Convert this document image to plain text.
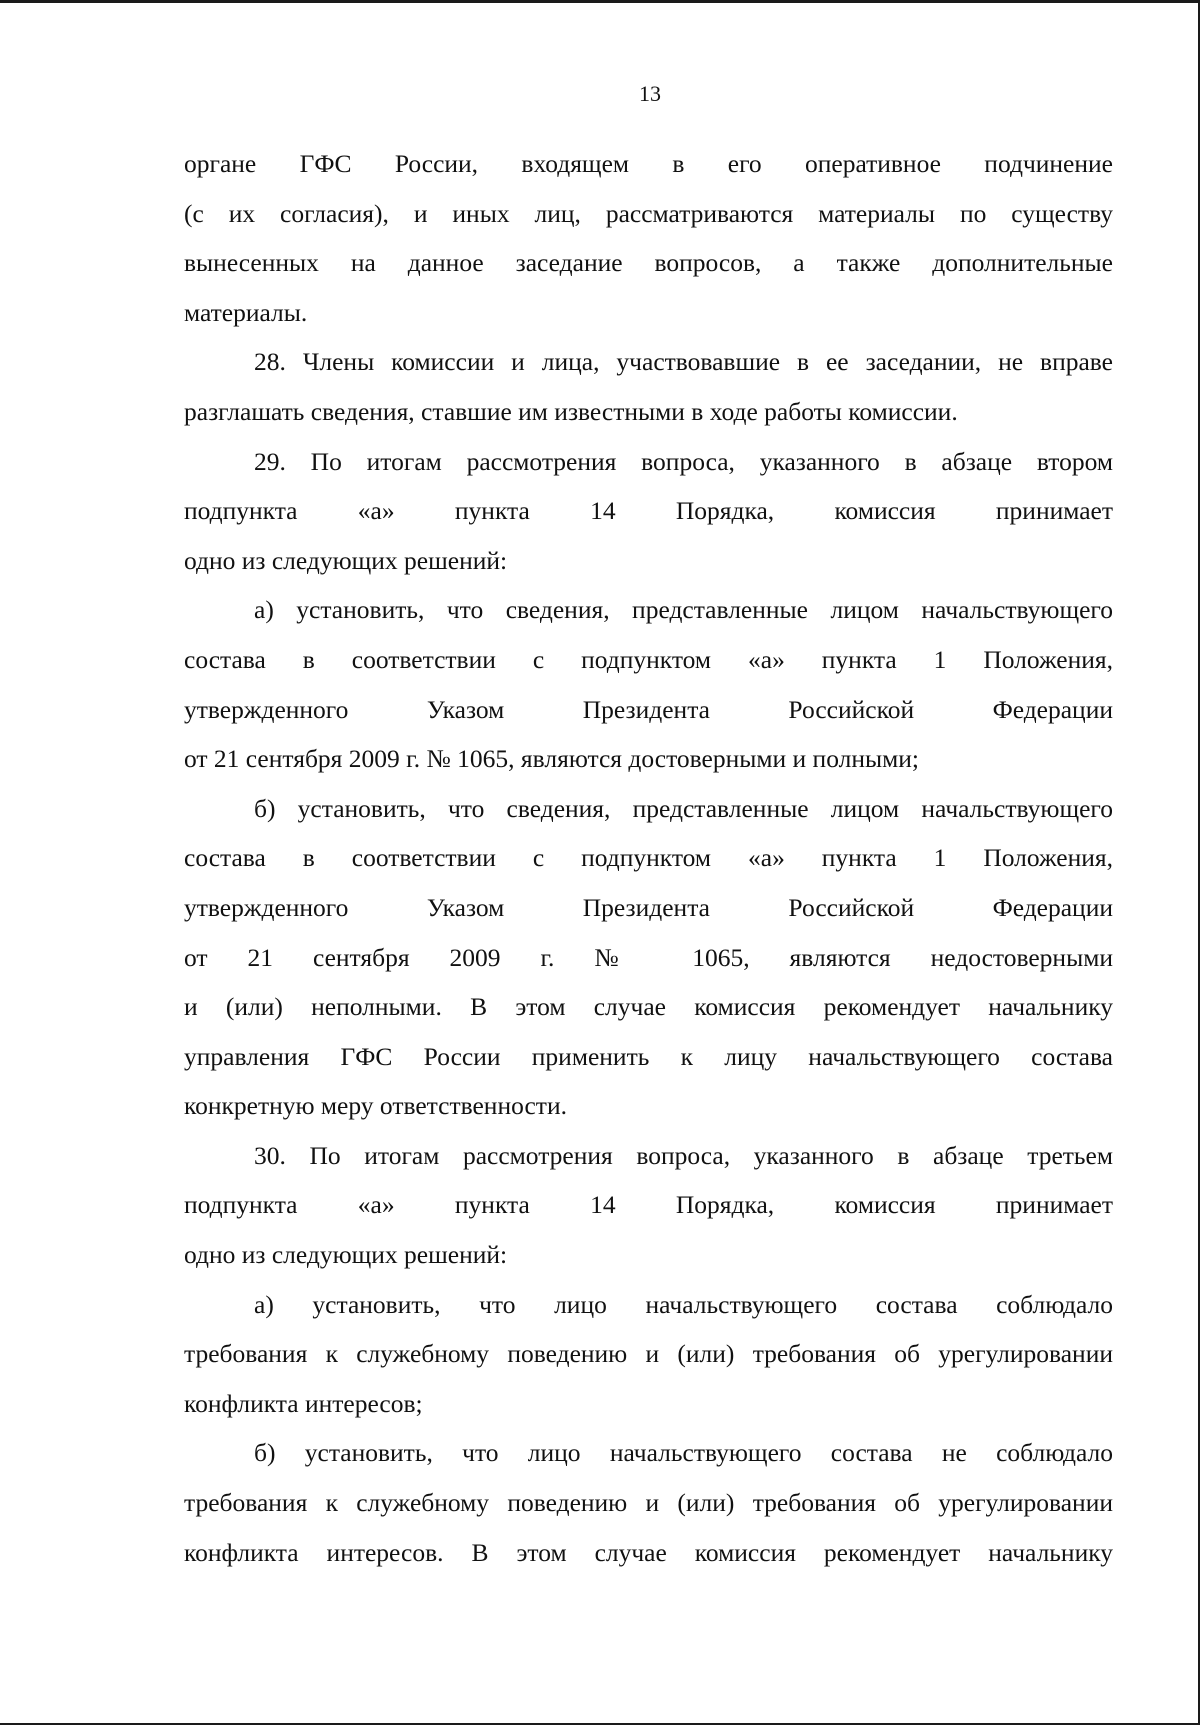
13
органе ГФС России, входящем в его оперативное подчинение
(с их согласия), и иных лиц, рассматриваются материалы по существу
вынесенных на данное заседание вопросов, а также дополнительные
материалы.
28. Члены комиссии и лица, участвовавшие в ее заседании, не вправе
разглашать сведения, ставшие им известными в ходе работы комиссии.
29. По итогам рассмотрения вопроса, указанного в абзаце втором
подпункта «а» пункта 14 Порядка, комиссия принимает
одно из следующих решений:
а) установить, что сведения, представленные лицом начальствующего
состава в соответствии с подпунктом «а» пункта 1 Положения,
утвержденного Указом Президента Российской Федерации
от 21 сентября 2009 г. № 1065, являются достоверными и полными;
б) установить, что сведения, представленные лицом начальствующего
состава в соответствии с подпунктом «а» пункта 1 Положения,
утвержденного Указом Президента Российской Федерации
от 21 сентября 2009 г. № 1065, являются недостоверными
и (или) неполными. В этом случае комиссия рекомендует начальнику
управления ГФС России применить к лицу начальствующего состава
конкретную меру ответственности.
30. По итогам рассмотрения вопроса, указанного в абзаце третьем
подпункта «а» пункта 14 Порядка, комиссия принимает
одно из следующих решений:
а) установить, что лицо начальствующего состава соблюдало
требования к служебному поведению и (или) требования об урегулировании
конфликта интересов;
б) установить, что лицо начальствующего состава не соблюдало
требования к служебному поведению и (или) требования об урегулировании
конфликта интересов. В этом случае комиссия рекомендует начальнику
